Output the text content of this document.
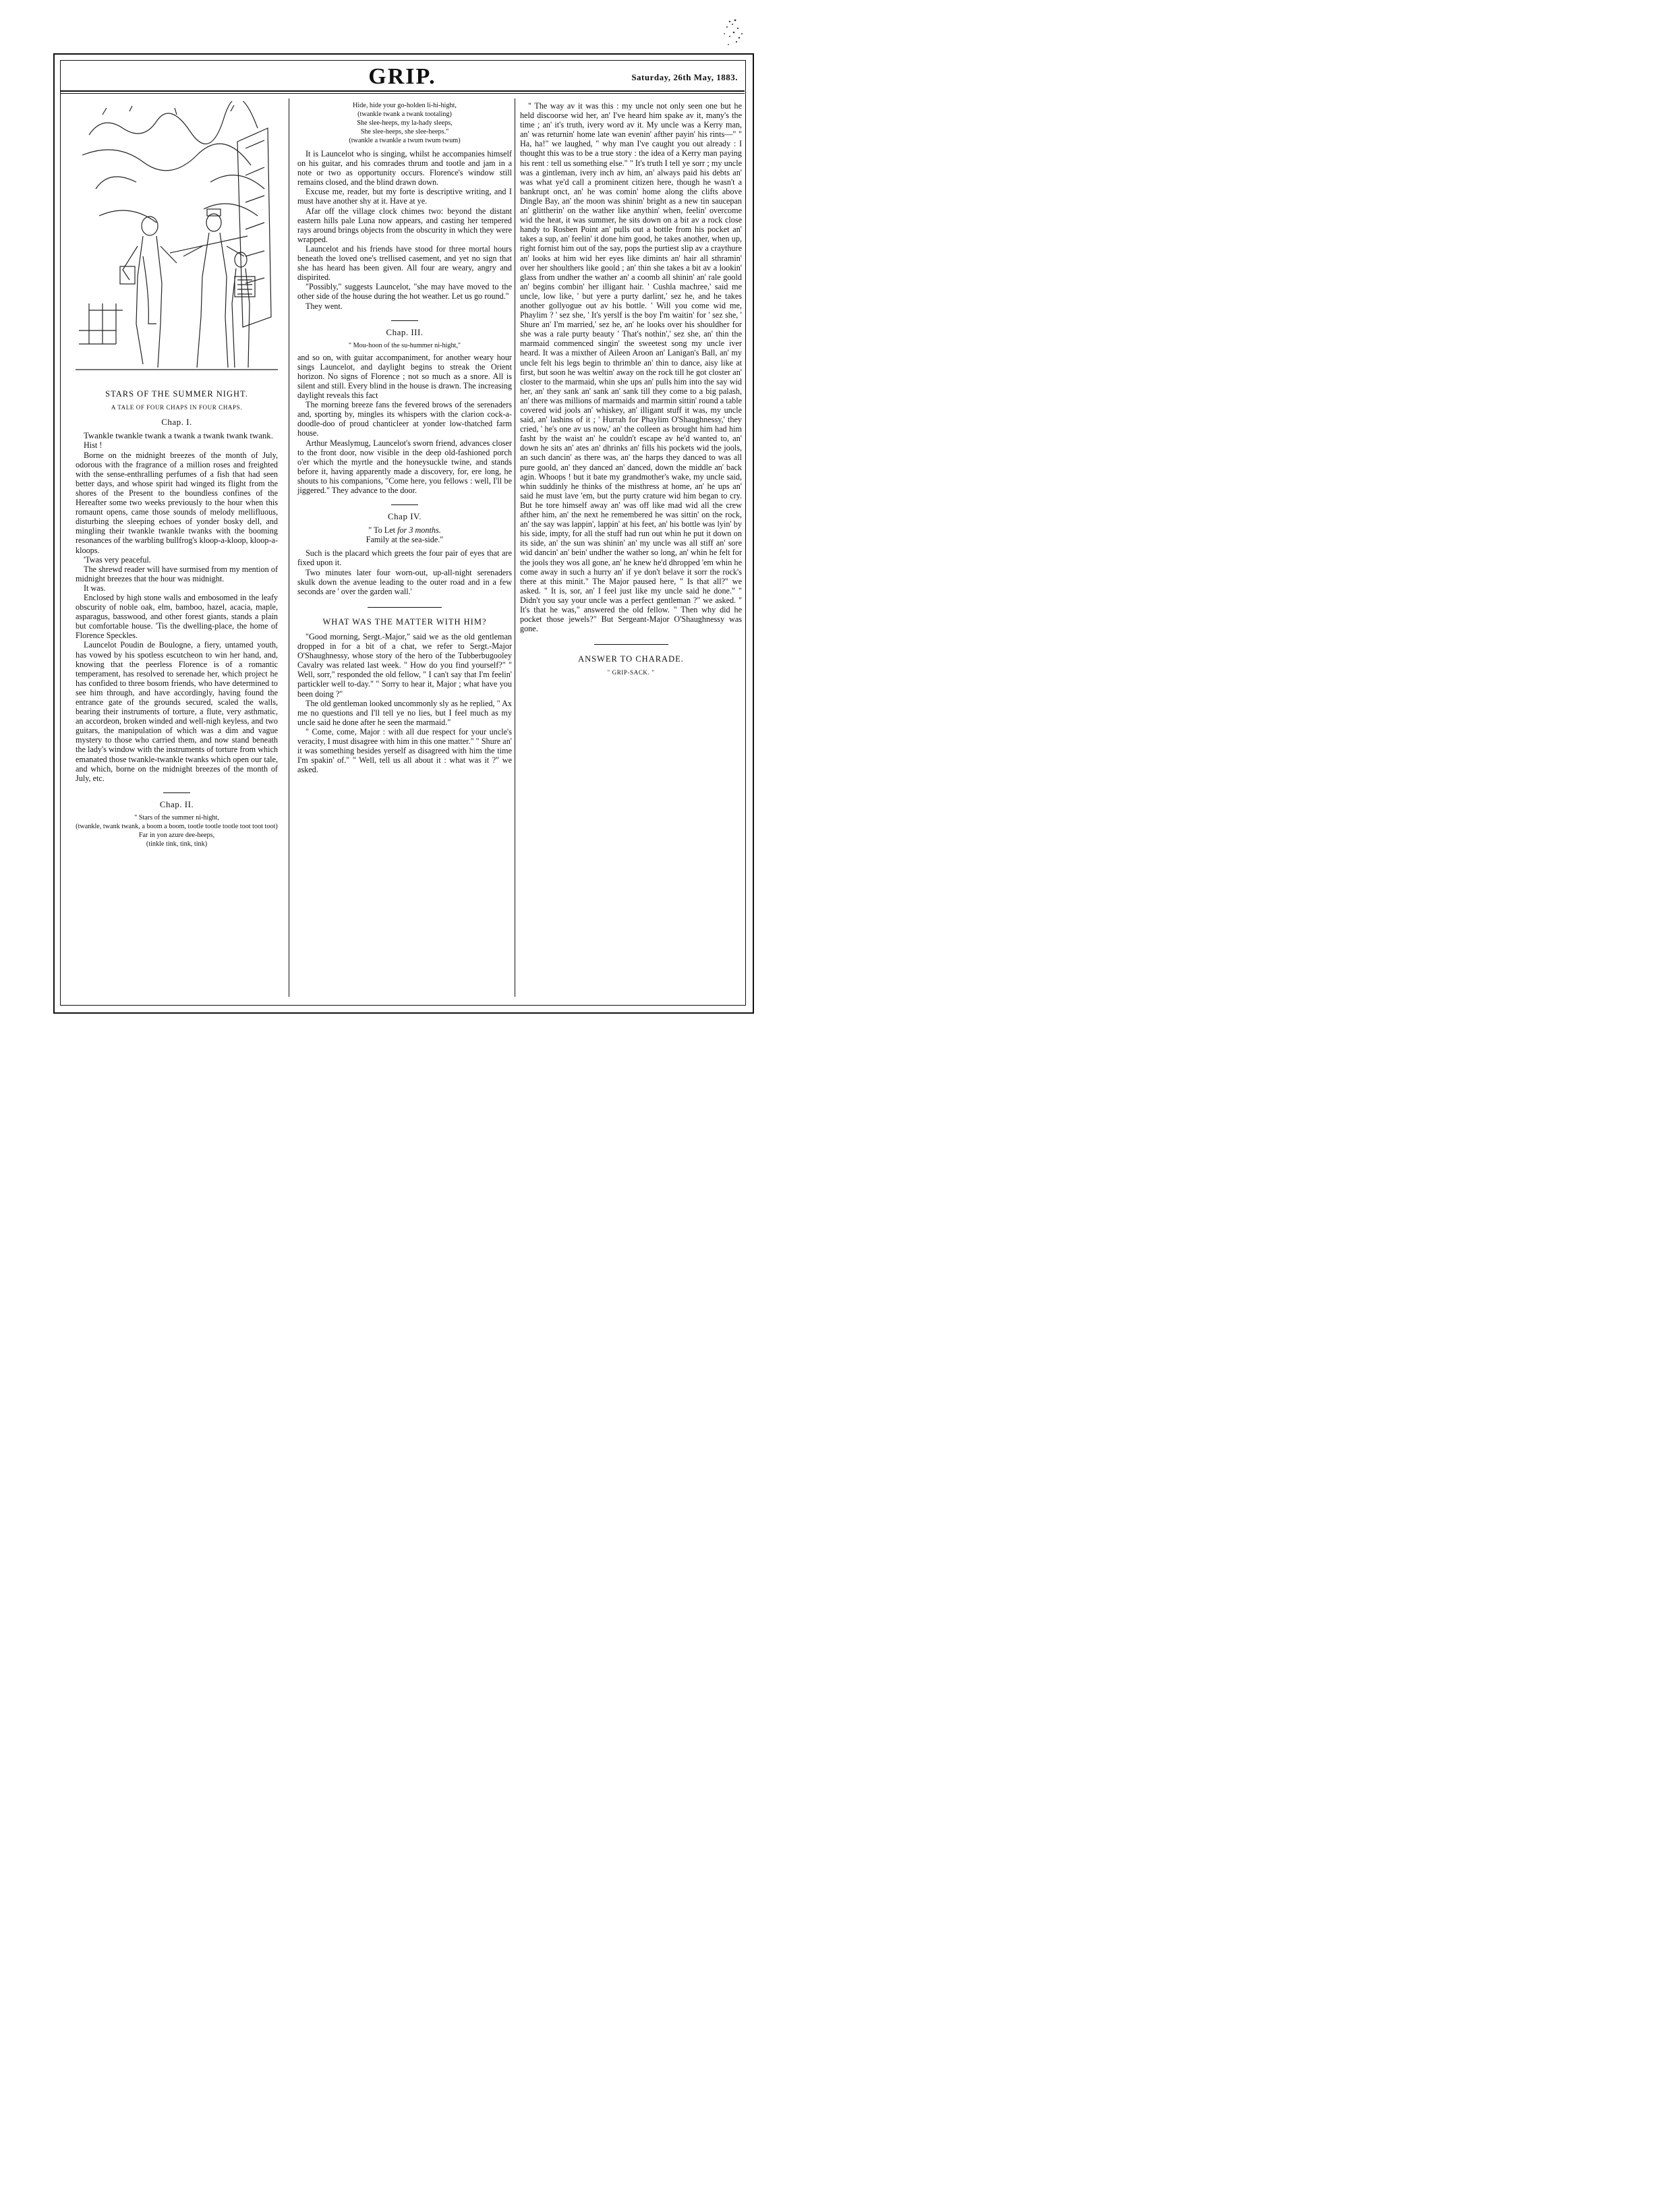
GRIP.	Saturday, 26th May, 1883.
STARS OF THE SUMMER NIGHT.
A TALE OF FOUR CHAPS IN FOUR CHAPS.
Chap. I.

Twankle twankle twank a twank a twank twank twank.

Hist !

Borne on the midnight breezes of the month of July, odorous with the fragrance of a million roses and freighted with the sense-enthralling perfumes of a fish that had seen better days, and whose spirit had winged its flight from the shores of the Present to the boundless confines of the Hereafter some two weeks previously to the hour when this romaunt opens, came those sounds of melody mellifluous, disturbing the sleeping echoes of yonder bosky dell, and mingling their twankle twankle twanks with the booming resonances of the warbling bullfrog's kloop-a-kloop, kloop-a-kloops.

'Twas very peaceful.

The shrewd reader will have surmised from my mention of midnight breezes that the hour was midnight.

It was.

Enclosed by high stone walls and embosomed in the leafy obscurity of noble oak, elm, bamboo, hazel, acacia, maple, asparagus, basswood, and other forest giants, stands a plain but comfortable house. 'Tis the dwelling-place, the home of Florence Speckles.

Launcelot Poudin de Boulogne, a fiery, untamed youth, has vowed by his spotless escutcheon to win her hand, and, knowing that the peerless Florence is of a romantic temperament, has resolved to serenade her, which project he has confided to three bosom friends, who have determined to see him through, and have accordingly, having found the entrance gate of the grounds secured, scaled the walls, bearing their instruments of torture, a flute, very asthmatic, an accordeon, broken winded and well-nigh keyless, and two guitars, the manipulation of which was a dim and vague mystery to those who carried them, and now stand beneath the lady's window with the instruments of torture from which emanated those twankle-twankle twanks which open our tale, and which, borne on the midnight breezes of the month of July, etc.

Chap. II.
" Stars of the summer ni-hight,
(twankle, twank twank, a boom a boom, tootle tootle tootle toot toot toot)
Far in yon azure dee-heeps,
(tinkle tink, tink, tink)
Hide, hide your go-holden li-hi-hight,
(twankle twank a twank tootaling)
She slee-heeps, my la-hady sleeps,
She slee-heeps, she slee-heeps."
(twankle a twankle a twum twum twum)

It is Launcelot who is singing, whilst he accompanies himself on his guitar, and his comrades thrum and tootle and jam in a note or two as opportunity occurs. Florence's window still remains closed, and the blind drawn down.

Excuse me, reader, but my forte is descriptive writing, and I must have another shy at it. Have at ye.

Afar off the village clock chimes two: beyond the distant eastern hills pale Luna now appears, and casting her tempered rays around brings objects from the obscurity in which they were wrapped.

Launcelot and his friends have stood for three mortal hours beneath the loved one's trellised casement, and yet no sign that she has heard has been given. All four are weary, angry and dispirited.

"Possibly," suggests Launcelot, "she may have moved to the other side of the house during the hot weather. Let us go round."

They went.

Chap. III.
" Mou-hoon of the su-hummer ni-hight,"

and so on, with guitar accompaniment, for another weary hour sings Launcelot, and daylight begins to streak the Orient horizon. No signs of Florence ; not so much as a snore. All is silent and still. Every blind in the house is drawn. The increasing daylight reveals this fact

The morning breeze fans the fevered brows of the serenaders and, sporting by, mingles its whispers with the clarion cock-a-doodle-doo of proud chanticleer at yonder low-thatched farm house.

Arthur Measlymug, Launcelot's sworn friend, advances closer to the front door, now visible in the deep old-fashioned porch o'er which the myrtle and the honeysuckle twine, and stands before it, having apparently made a discovery, for, ere long, he shouts to his companions, "Come here, you fellows : well, I'll be jiggered." They advance to the door.

Chap IV.
" To Let for 3 months.
Family at the sea-side."

Such is the placard which greets the four pair of eyes that are fixed upon it.

Two minutes later four worn-out, up-all-night serenaders skulk down the avenue leading to the outer road and in a few seconds are ' over the garden wall.'

WHAT WAS THE MATTER WITH HIM?

"Good morning, Sergt.-Major," said we as the old gentleman dropped in for a bit of a chat, we refer to Sergt.-Major O'Shaughnessy, whose story of the hero of the Tubberbugooley Cavalry was related last week. " How do you find yourself?" " Well, sorr," responded the old fellow, " I can't say that I'm feelin' partickler well to-day." " Sorry to hear it, Major ; what have you been doing ?"

The old gentleman looked uncommonly sly as he replied, " Ax me no questions and I'll tell ye no lies, but I feel much as my uncle said he done after he seen the marmaid."

" Come, come, Major : with all due respect for your uncle's veracity, I must disagree with him in this one matter." " Shure an' it was something besides yerself as disagreed with him the time I'm spakin' of." " Well, tell us all about it : what was it ?" we asked.

" The way av it was this : my uncle not only seen one but he held discoorse wid her, an' I've heard him spake av it, many's the time ; an' it's truth, ivery word av it. My uncle was a Kerry man, an' was returnin' home late wan evenin' afther payin' his rints—" " Ha, ha!" we laughed, " why man I've caught you out already : I thought this was to be a true story : the idea of a Kerry man paying his rent : tell us something else." " It's truth I tell ye sorr ; my uncle was a gintleman, ivery inch av him, an' always paid his debts an' was what ye'd call a prominent citizen here, though he wasn't a bankrupt onct, an' he was comin' home along the clifts above Dingle Bay, an' the moon was shinin' bright as a new tin saucepan an' glittherin' on the wather like anythin' when, feelin' overcome wid the heat, it was summer, he sits down on a bit av a rock close handy to Rosben Point an' pulls out a bottle from his pocket an' takes a sup, an' feelin' it done him good, he takes another, when up, right fornist him out of the say, pops the purtiest slip av a craythure an' looks at him wid her eyes like dimints an' hair all sthramin' over her shoulthers like goold ; an' thin she takes a bit av a lookin' glass from undher the wather an' a coomb all shinin' an' rale goold an' begins combin' her illigant hair. ' Cushla machree,' said me uncle, low like, ' but yere a purty darlint,' sez he, and he takes another gollyogue out av his bottle. ' Will you come wid me, Phaylim ? ' sez she, ' It's yerslf is the boy I'm waitin' for ' sez she, ' Shure an' I'm married,' sez he, an' he looks over his shouldher for she was a rale purty beauty ' That's nothin',' sez she, an' thin the marmaid commenced singin' the sweetest song my uncle iver heard. It was a mixther of Aileen Aroon an' Lanigan's Ball, an' my uncle felt his legs begin to thrimble an' thin to dance, aisy like at first, but soon he was weltin' away on the rock till he got closter an' closter to the marmaid, whin she ups an' pulls him into the say wid her, an' they sank an' sank an' sank till they come to a big palash, an' there was millions of marmaids and marmin sittin' round a table covered wid jools an' whiskey, an' illigant stuff it was, my uncle said, an' lashins of it ; ' Hurrah for Phaylim O'Shaughnessy,' they cried, ' he's one av us now,' an' the colleen as brought him had him fasht by the waist an' he couldn't escape av he'd wanted to, an' down he sits an' ates an' dhrinks an' fills his pockets wid the jools, an such dancin' as there was, an' the harps they danced to was all pure goold, an' they danced an' danced, down the middle an' back agin. Whoops ! but it bate my grandmother's wake, my uncle said, whin suddinly he thinks of the misthress at home, an' he ups an' said he must lave 'em, but the purty crature wid him began to cry. But he tore himself away an' was off like mad wid all the crew afther him, an' the next he remembered he was sittin' on the rock, an' the say was lappin', lappin' at his feet, an' his bottle was lyin' by his side, impty, for all the stuff had run out whin he put it down on its side, an' the sun was shinin' an' my uncle was all stiff an' sore wid dancin' an' bein' undher the wather so long, an' whin he felt for the jools they wos all gone, an' he knew he'd dhropped 'em whin he come away in such a hurry an' if ye don't belave it sorr the rock's there at this minit." The Major paused here, " Is that all?" we asked. " It is, sor, an' I feel just like my uncle said he done." " Didn't you say your uncle was a perfect gentleman ?" we asked. " It's that he was," answered the old fellow. " Then why did he pocket those jewels?" But Sergeant-Major O'Shaughnessy was gone.

ANSWER TO CHARADE.
" GRIP-SACK. "
